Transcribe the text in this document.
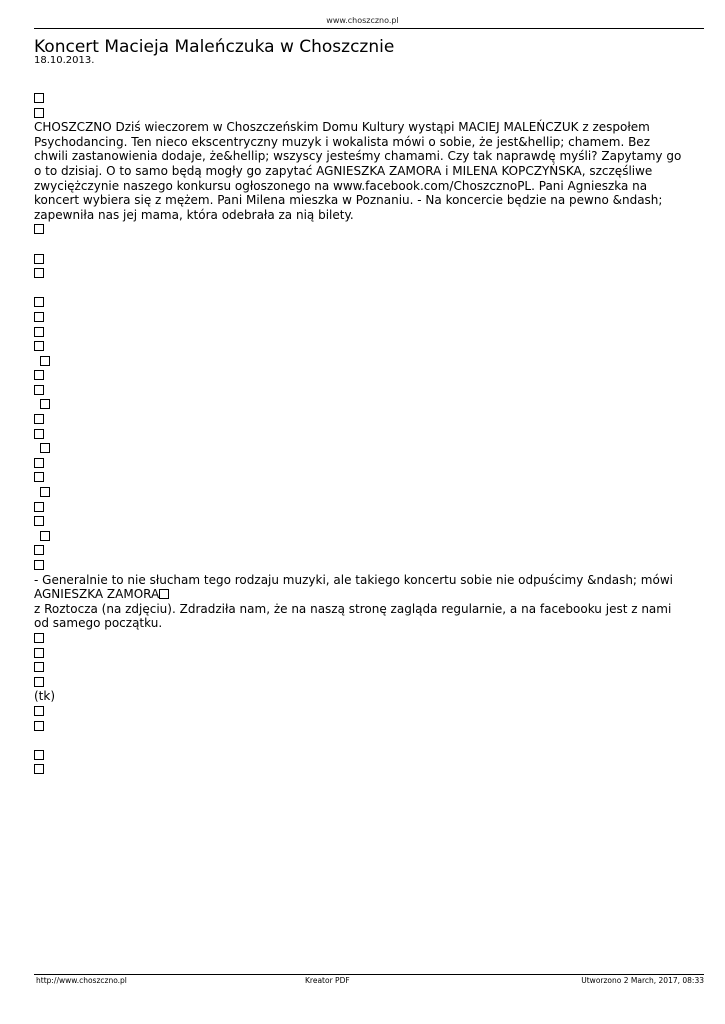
www.choszczno.pl
Koncert Macieja Maleńczuka w Choszcznie
18.10.2013.
CHOSZCZNO Dziś wieczorem w Choszczeńskim Domu Kultury wystąpi MACIEJ MALEŃCZUK z zespołem Psychodancing. Ten nieco ekscentryczny muzyk i wokalista mówi o sobie, że jest&hellip; chamem. Bez chwili zastanowienia dodaje, że&hellip; wszyscy jesteśmy chamami. Czy tak naprawdę myśli? Zapytamy go o to dzisiaj. O to samo będą mogły go zapytać AGNIESZKA ZAMORA i MILENA KOPCZYŃSKA, szczęśliwe zwyciężczynie naszego konkursu ogłoszonego na www.facebook.com/ChoszcznoPL. Pani Agnieszka na koncert wybiera się z mężem. Pani Milena mieszka w Poznaniu. - Na koncercie będzie na pewno &ndash; zapewniła nas jej mama, która odebrała za nią bilety.
- Generalnie to nie słucham tego rodzaju muzyki, ale takiego koncertu sobie nie odpuścimy &ndash; mówi AGNIESZKA ZAMORA
z Roztocza (na zdjęciu). Zdradziła nam, że na naszą stronę zagląda regularnie, a na facebooku jest z nami od samego początku.
(tk)
http://www.choszczno.pl	Kreator PDF	Utworzono 2 March, 2017, 08:33
